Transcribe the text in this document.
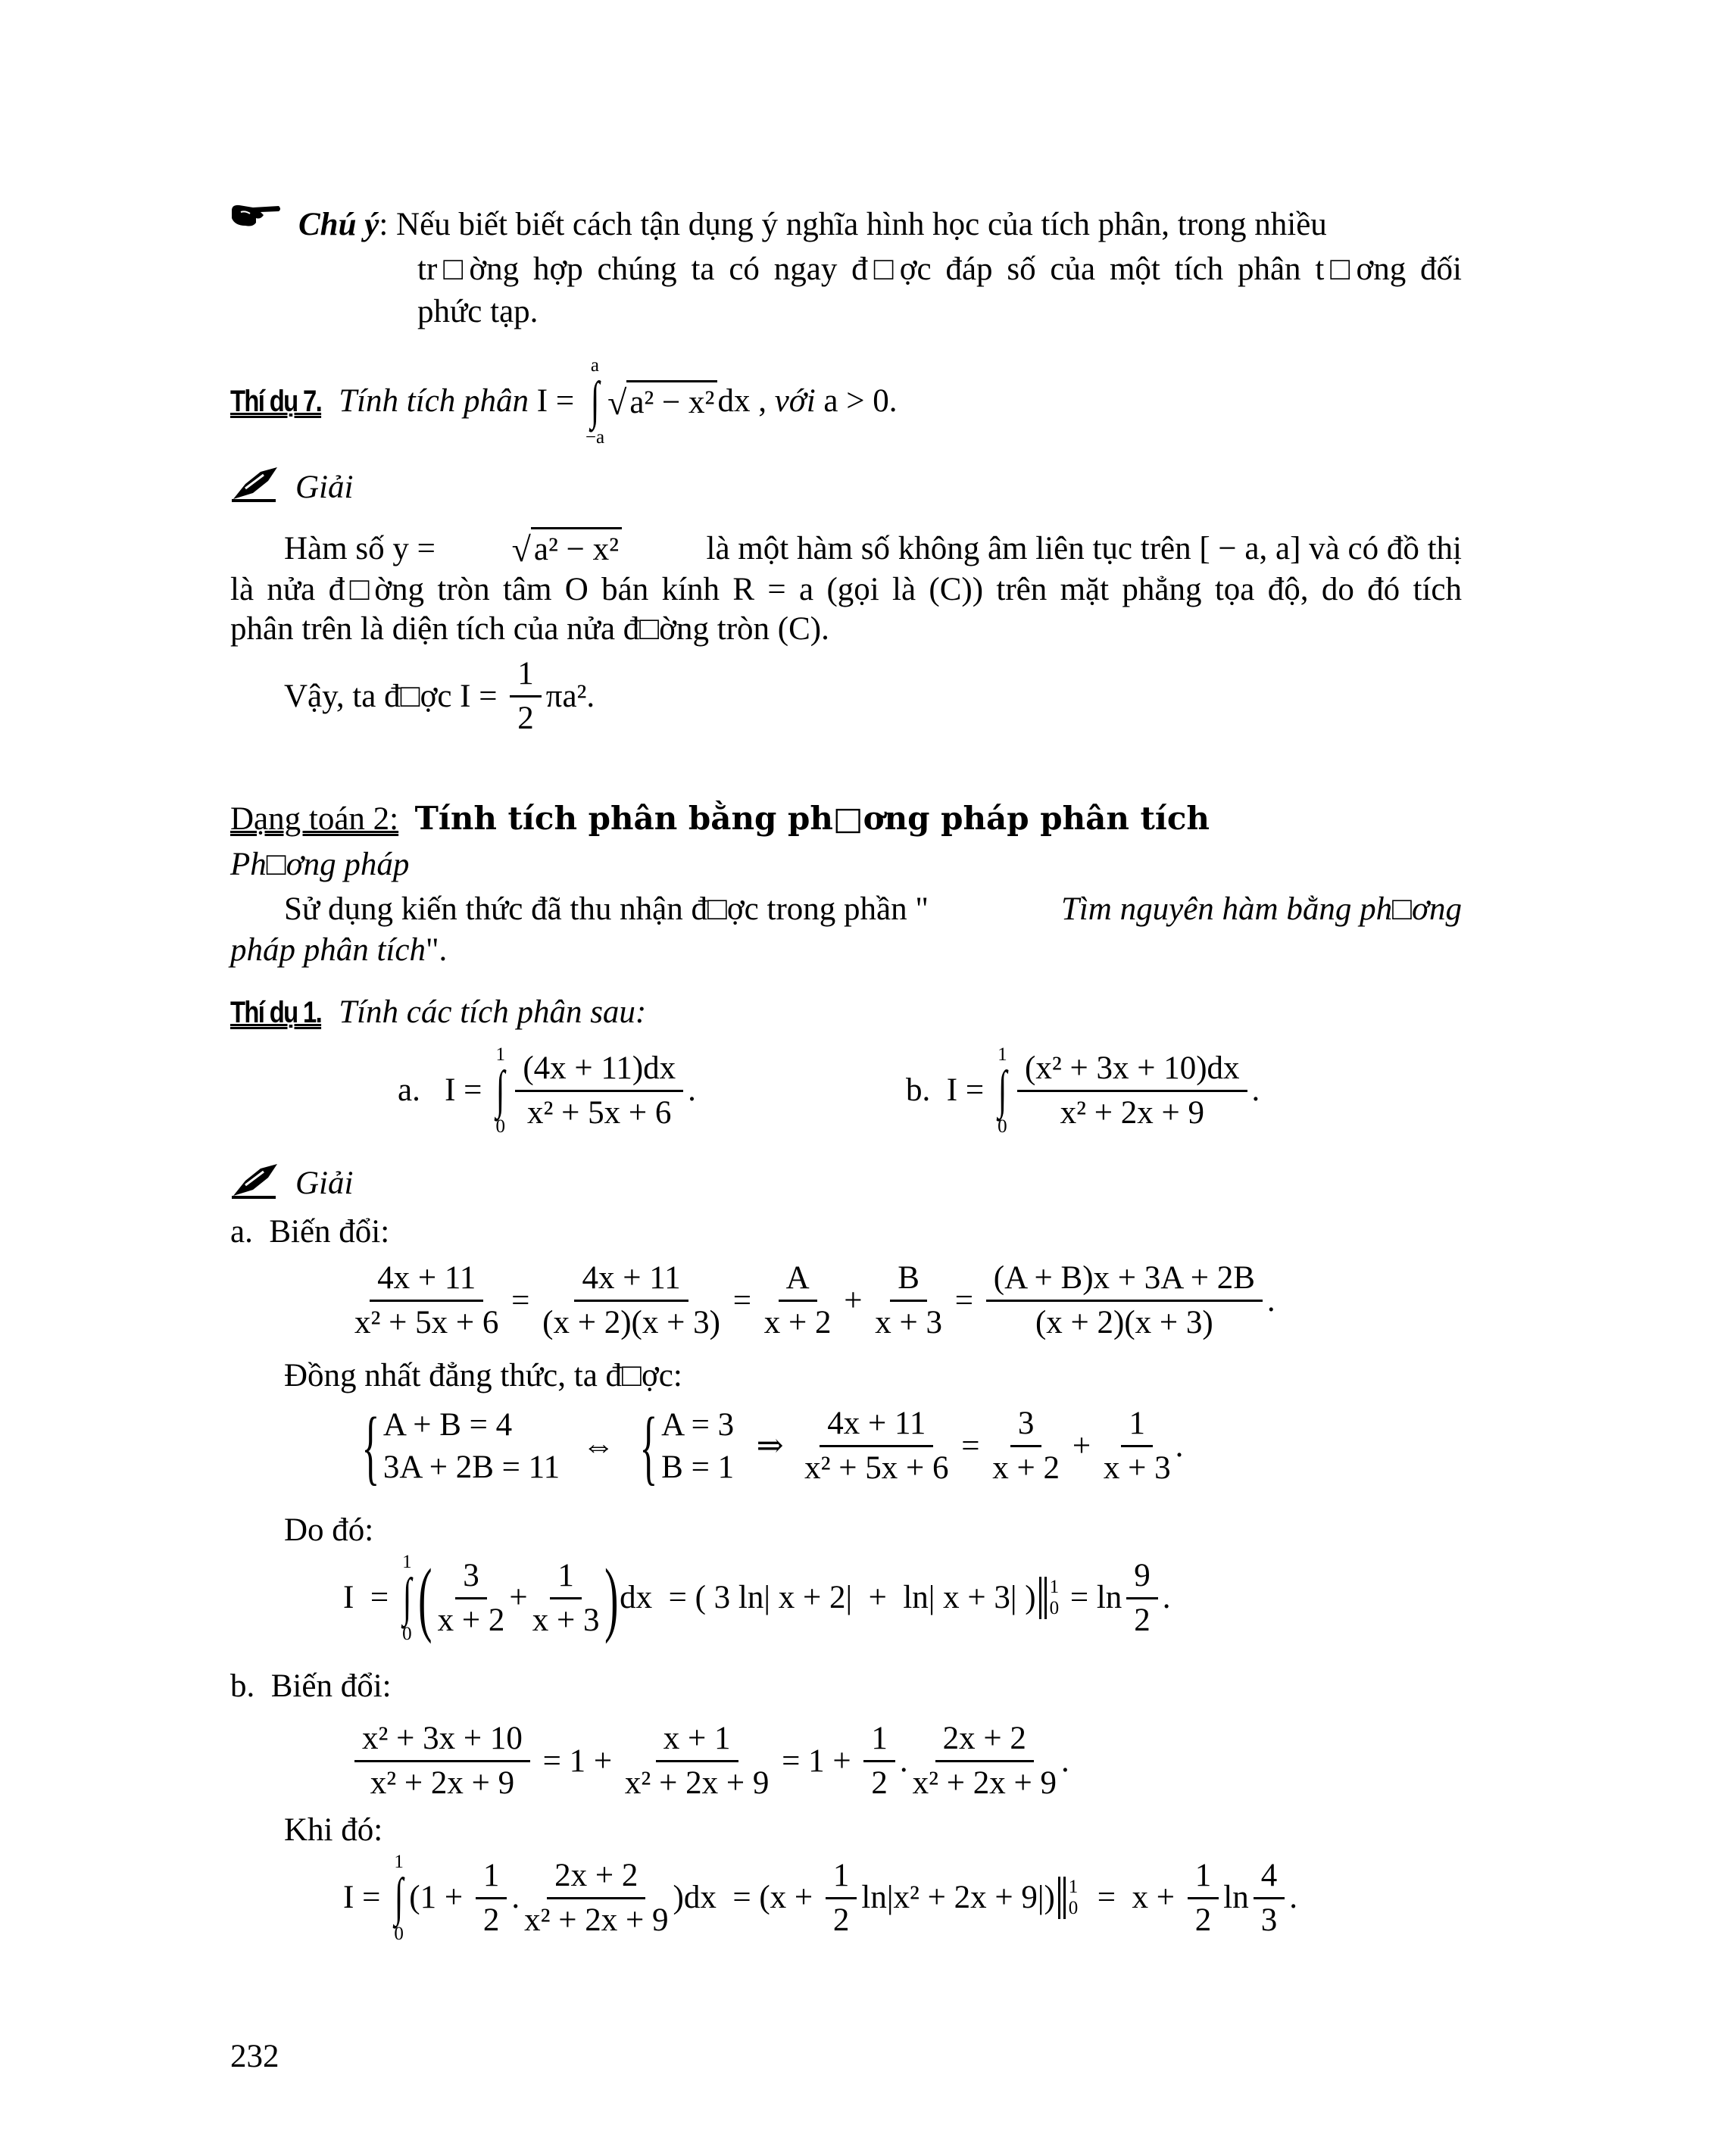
Chú ý: Nếu biết biết cách tận dụng ý nghĩa hình học của tích phân, trong nhiều
tr□ờng hợp chúng ta có ngay đ□ợc đáp số của một tích phân t□ơng đối
phức tạp.
Thí dụ 7. Tính tích phân I =
a
∫
−a
√ a² − x² dx , với a > 0.
Giải
Hàm số y =	√ a² − x² là một hàm số không âm liên tục trên [ − a, a] và có đồ thị
là nửa đ□ờng tròn tâm O bán kính R = a (gọi là (C)) trên mặt phẳng tọa độ, do đó tích
phân trên là diện tích của nửa đ□ờng tròn (C).
Vậy, ta đ□ợc $I = \frac{1}{2} \pi a^2$.
Dạng toán 2: Tính tích phân bằng ph□ơng pháp phân tích
Ph□ơng pháp
Sử dụng kiến thức đã thu nhận đ□ợc trong phần "	Tìm nguyên hàm bằng ph□ơng
pháp phân tích".
Thí dụ 1. Tính các tích phân sau:
a.   I =
1
∫
$0 \frac{(4x + 11)dx}{\text{x² + 5x + 6}}$ .	b.  I =
1
∫
$0 \frac{\text{(x² + 3x + 10)dx}}{\text{x² + 2x + 9}}$ .
Giải
a. Biến đổi:
$\frac{4x + 11}{\text{x² + 5x + 6}} = \frac{4x + 11}{(x + 2)(x + 3)} = \frac{A}{x + 2} + \frac{B}{x + 3} = \frac{(A + B)x + 3A + 2B}{(x + 2)(x + 3)}$ .
Đồng nhất đẳng thức, ta đ□ợc:
{
A + B = 4
3A + 2B = 11
⇔
{
A = 3
B = 1
⇒ $\frac{4x + 11}{\text{x² + 5x + 6}} = \frac{3}{x + 2} + \frac{1}{x + 3}$ .
Do đó:
I  =
1
∫
0 ( $\frac{3}{x + 2} + \frac{1}{x + 3}$ ) dx  = ( 3 ln| x + 2|  +  ln| x + 3| ) 1
$0 = \ln \frac{9}{2}$ .
b. Biến đổi:
$\frac{\text{x² + 3x + 10}}{\text{x² + 2x + 9}} = 1 + \frac{x + 1}{\text{x² + 2x + 9}} = 1 + \frac{1}{2}$ . $\frac{2x + 2}{\text{x² + 2x + 9}}$ .
Khi đó:
I =
1
∫
0
($1 + \frac{1}{2}$ . $\frac{2x + 2}{\text{x² + 2x + 9}} )dx = (x + \frac{1}{2} \ln|x^2 + 2x + 9|)$ 1
$0 = x + \frac{1}{2}$ $\ln \frac{4}{3}$ .
232
